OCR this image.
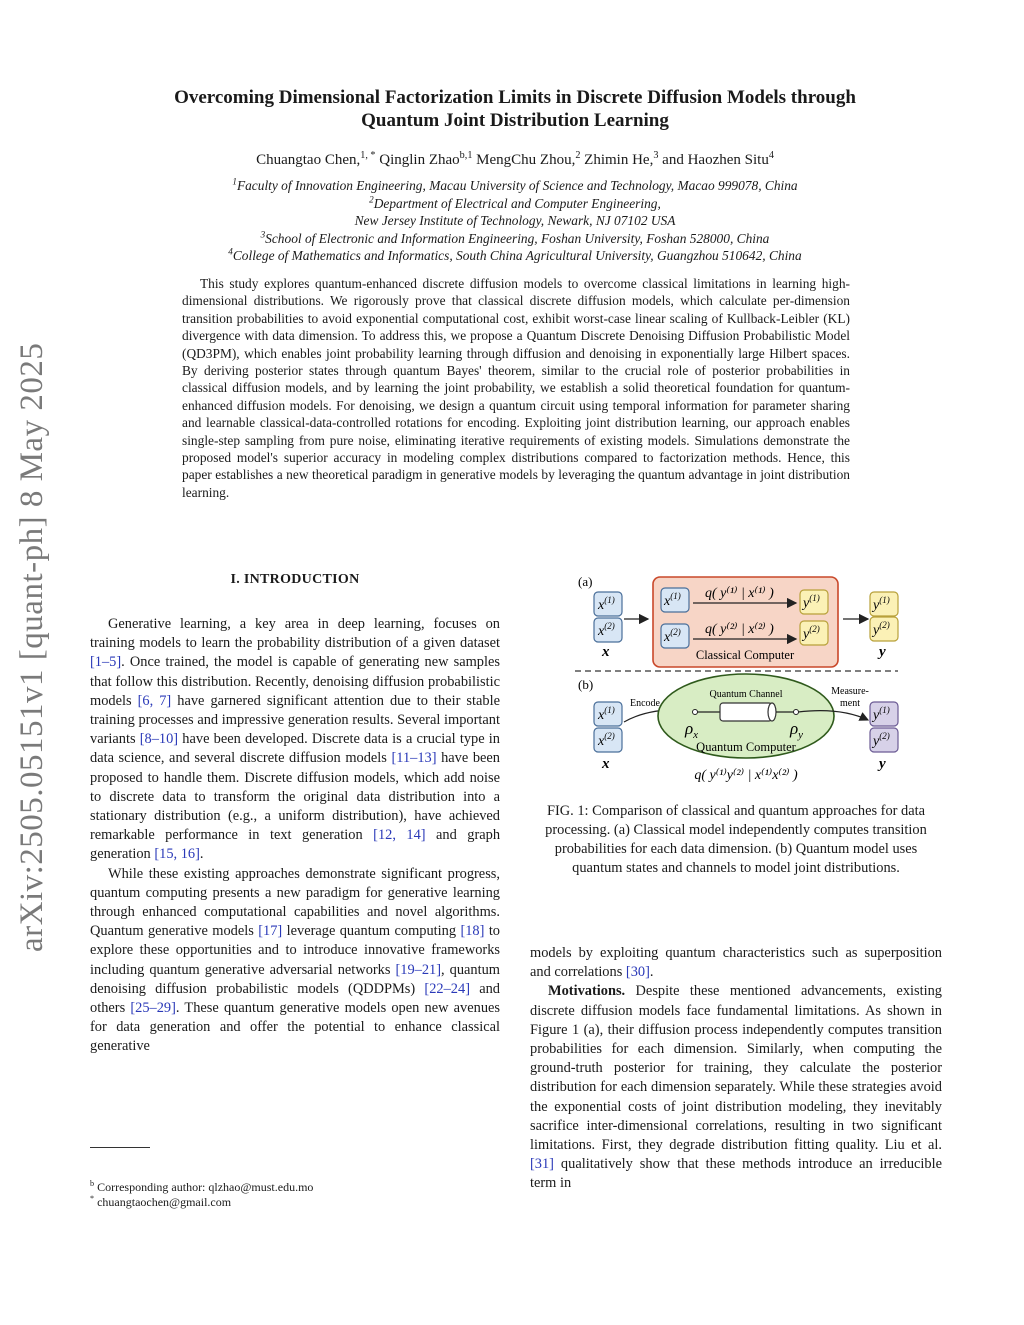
arXiv:2505.05151v1 [quant-ph] 8 May 2025
Overcoming Dimensional Factorization Limits in Discrete Diffusion Models through
Quantum Joint Distribution Learning
Chuangtao Chen,$^{1, *}$ Qinglin Zhao$^{b,1}$ MengChu Zhou,$^2$ Zhimin He,$^3$ and Haozhen Situ$^4$
$^1$Faculty of Innovation Engineering, Macau University of Science and Technology, Macao 999078, China
$^2$Department of Electrical and Computer Engineering,
New Jersey Institute of Technology, Newark, NJ 07102 USA
$^3$School of Electronic and Information Engineering, Foshan University, Foshan 528000, China
$^4$College of Mathematics and Informatics, South China Agricultural University, Guangzhou 510642, China

This study explores quantum-enhanced discrete diffusion models to overcome classical limitations in learning high-dimensional distributions. We rigorously prove that classical discrete diffusion models, which calculate per-dimension transition probabilities to avoid exponential computational cost, exhibit worst-case linear scaling of Kullback-Leibler (KL) divergence with data dimension. To address this, we propose a Quantum Discrete Denoising Diffusion Probabilistic Model (QD3PM), which enables joint probability learning through diffusion and denoising in exponentially large Hilbert spaces. By deriving posterior states through quantum Bayes' theorem, similar to the crucial role of posterior probabilities in classical diffusion models, and by learning the joint probability, we establish a solid theoretical foundation for quantum-enhanced diffusion models. For denoising, we design a quantum circuit using temporal information for parameter sharing and learnable classical-data-controlled rotations for encoding. Exploiting joint distribution learning, our approach enables single-step sampling from pure noise, eliminating iterative requirements of existing models. Simulations demonstrate the proposed model's superior accuracy in modeling complex distributions compared to factorization methods. Hence, this paper establishes a new theoretical paradigm in generative models by leveraging the quantum advantage in joint distribution learning.

I. INTRODUCTION

Generative learning, a key area in deep learning, focuses on training models to learn the probability distribution of a given dataset [1–5]. Once trained, the model is capable of generating new samples that follow this distribution. Recently, denoising diffusion probabilistic models [6, 7] have garnered significant attention due to their stable training processes and impressive generation results. Several important variants [8–10] have been developed. Discrete data is a crucial type in data science, and several discrete diffusion models [11–13] have been proposed to handle them. Discrete diffusion models, which add noise to discrete data to transform the original data distribution into a stationary distribution (e.g., a uniform distribution), have achieved remarkable performance in text generation [12, 14] and graph generation [15, 16].

While these existing approaches demonstrate significant progress, quantum computing presents a new paradigm for generative learning through enhanced computational capabilities and novel algorithms. Quantum generative models [17] leverage quantum computing [18] to explore these opportunities and to introduce innovative frameworks including quantum generative adversarial networks [19–21], quantum denoising diffusion probabilistic models (QDDPMs) [22–24] and others [25–29]. These quantum generative models open new avenues for data generation and offer the potential to enhance classical generative

(a)
$x^{(1)}$
$x^{(2)}$
x
$x^{(1)}$
$x^{(2)}$
q( y⁽¹⁾ | x⁽¹⁾ )
q( y⁽²⁾ | x⁽²⁾ )
$y^{(1)}$
$y^{(2)}$
Classical Computer
$y^{(1)}$
$y^{(2)}$
y
(b)
$x^{(1)}$
$x^{(2)}$
x
Encode
Quantum Channel
$\rho_x$	$\rho_y$
Quantum Computer
Measure-
ment
$y^{(1)}$
$y^{(2)}$
y
q( y⁽¹⁾y⁽²⁾ | x⁽¹⁾x⁽²⁾ )
FIG. 1: Comparison of classical and quantum approaches for data processing. (a) Classical model independently computes transition probabilities for each data dimension. (b) Quantum model uses quantum states and channels to model joint distributions.

models by exploiting quantum characteristics such as superposition and correlations [30].

Motivations. Despite these mentioned advancements, existing discrete diffusion models face fundamental limitations. As shown in Figure 1 (a), their diffusion process independently computes transition probabilities for each dimension. Similarly, when computing the ground-truth posterior for training, they calculate the posterior distribution for each dimension separately. While these strategies avoid the exponential costs of joint distribution modeling, they inevitably sacrifice inter-dimensional correlations, resulting in two significant limitations. First, they degrade distribution fitting quality. Liu et al. [31] qualitatively show that these methods introduce an irreducible term in

$^b$ Corresponding author: qlzhao@must.edu.mo
* chuangtaochen@gmail.com
